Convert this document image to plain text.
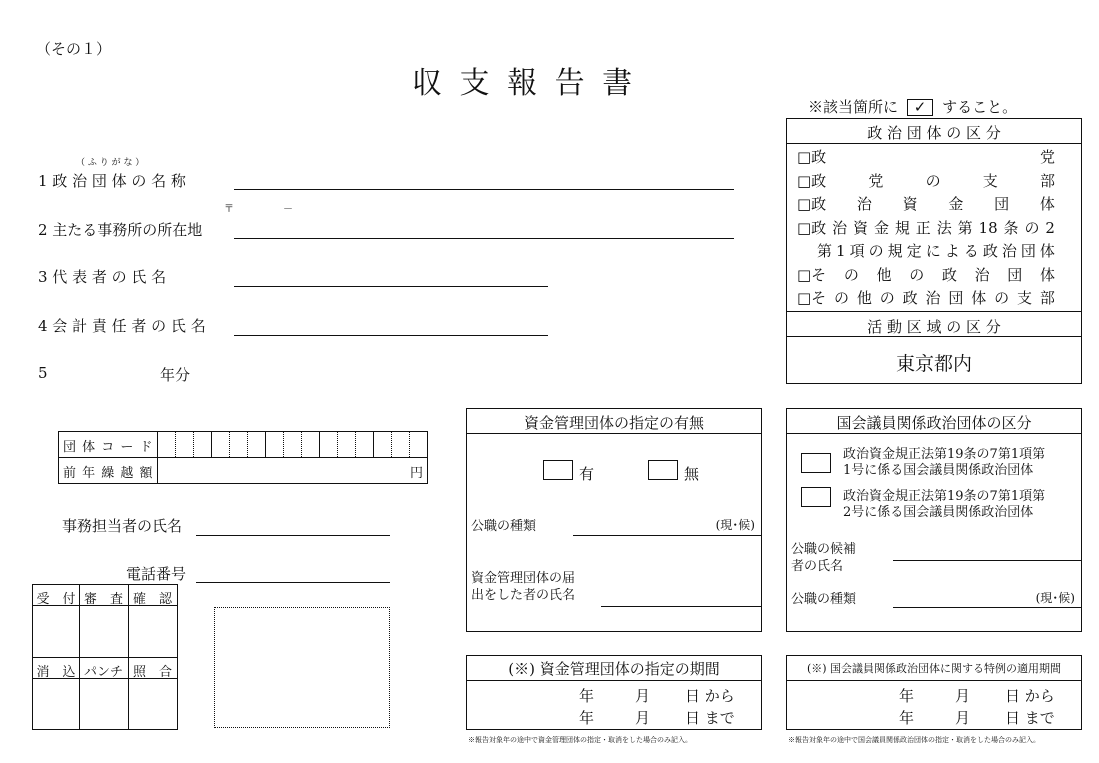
（その１）
収 支 報 告 書
※該当箇所に ✓ すること。
（ ふ り が な ）
1 政 治 団 体 の 名 称
〒	－
2 主たる事務所の所在地
3 代 表 者 の 氏 名
4 会 計 責 任 者 の 氏 名
5	年分
政 治 団 体 の 区 分
□政	党
□政	党	の	支	部
□政 治 資 金 団 体
□政 治 資 金 規 正 法 第 18 条 の 2
第 1 項 の 規 定 に よ る 政 治 団 体
□そ の 他 の 政 治 団 体
□そ の 他 の 政 治 団 体 の 支 部
活 動 区 域 の 区 分
東京都内
団 体 コ ー ド
前 年 繰 越 額	円
事務担当者の氏名
電話番号
受　付 審　査 確　認
消　込 パンチ 照　合
資金管理団体の指定の有無
有	無
公職の種類	(現･候)
資金管理団体の届
出をした者の氏名
国会議員関係政治団体の区分
政治資金規正法第19条の7第1項第
1号に係る国会議員関係政治団体
政治資金規正法第19条の7第1項第
2号に係る国会議員関係政治団体
公職の候補
者の氏名
公職の種類	(現･候)
(※) 資金管理団体の指定の期間
年	月 日 から
年	月 日 まで
※報告対象年の途中で資金管理団体の指定・取消をした場合のみ記入。
(※) 国会議員関係政治団体に関する特例の適用期間
年	月 日 から
年	月 日 まで
※報告対象年の途中で国会議員関係政治団体の指定・取消をした場合のみ記入。
